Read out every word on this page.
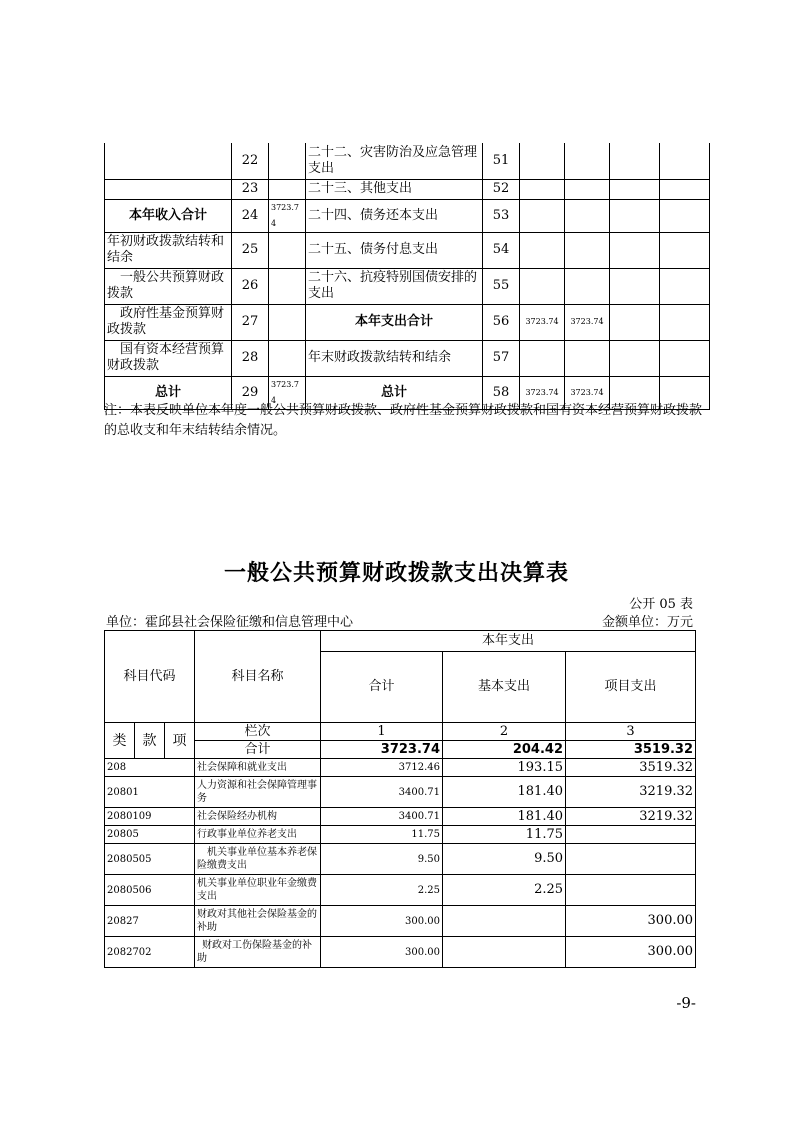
	22		二十二、灾害防治及应急管理支出	51				
	23		二十三、其他支出	52				
本年收入合计	24	3723.74	二十四、债务还本支出	53				
年初财政拨款结转和结余	25		二十五、债务付息支出	54				
一般公共预算财政拨款	26		二十六、抗疫特别国债安排的支出	55				
政府性基金预算财政拨款	27		本年支出合计	56	3723.74	3723.74		
国有资本经营预算财政拨款	28		年末财政拨款结转和结余	57				
总计	29	3723.74	总计	58	3723.74	3723.74		

注：本表反映单位本年度一般公共预算财政拨款、政府性基金预算财政拨款和国有资本经营预算财政拨款的总收支和年末结转结余情况。

一般公共预算财政拨款支出决算表
公开 05 表
单位：霍邱县社会保险征缴和信息管理中心	金额单位：万元
科目代码			科目名称	本年支出		
				合计	基本支出	项目支出

类	款	项	栏次	1	2	3
			合计	3723.74	204.42	3519.32
208			社会保障和就业支出	3712.46	193.15	3519.32
20801			人力资源和社会保障管理事务	3400.71	181.40	3219.32
2080109			社会保险经办机构	3400.71	181.40	3219.32
20805			行政事业单位养老支出	11.75	11.75	
2080505			机关事业单位基本养老保险缴费支出	9.50	9.50	
2080506			机关事业单位职业年金缴费支出	2.25	2.25	
20827			财政对其他社会保险基金的补助	300.00		300.00
2082702			财政对工伤保险基金的补助	300.00		300.00
-9-
